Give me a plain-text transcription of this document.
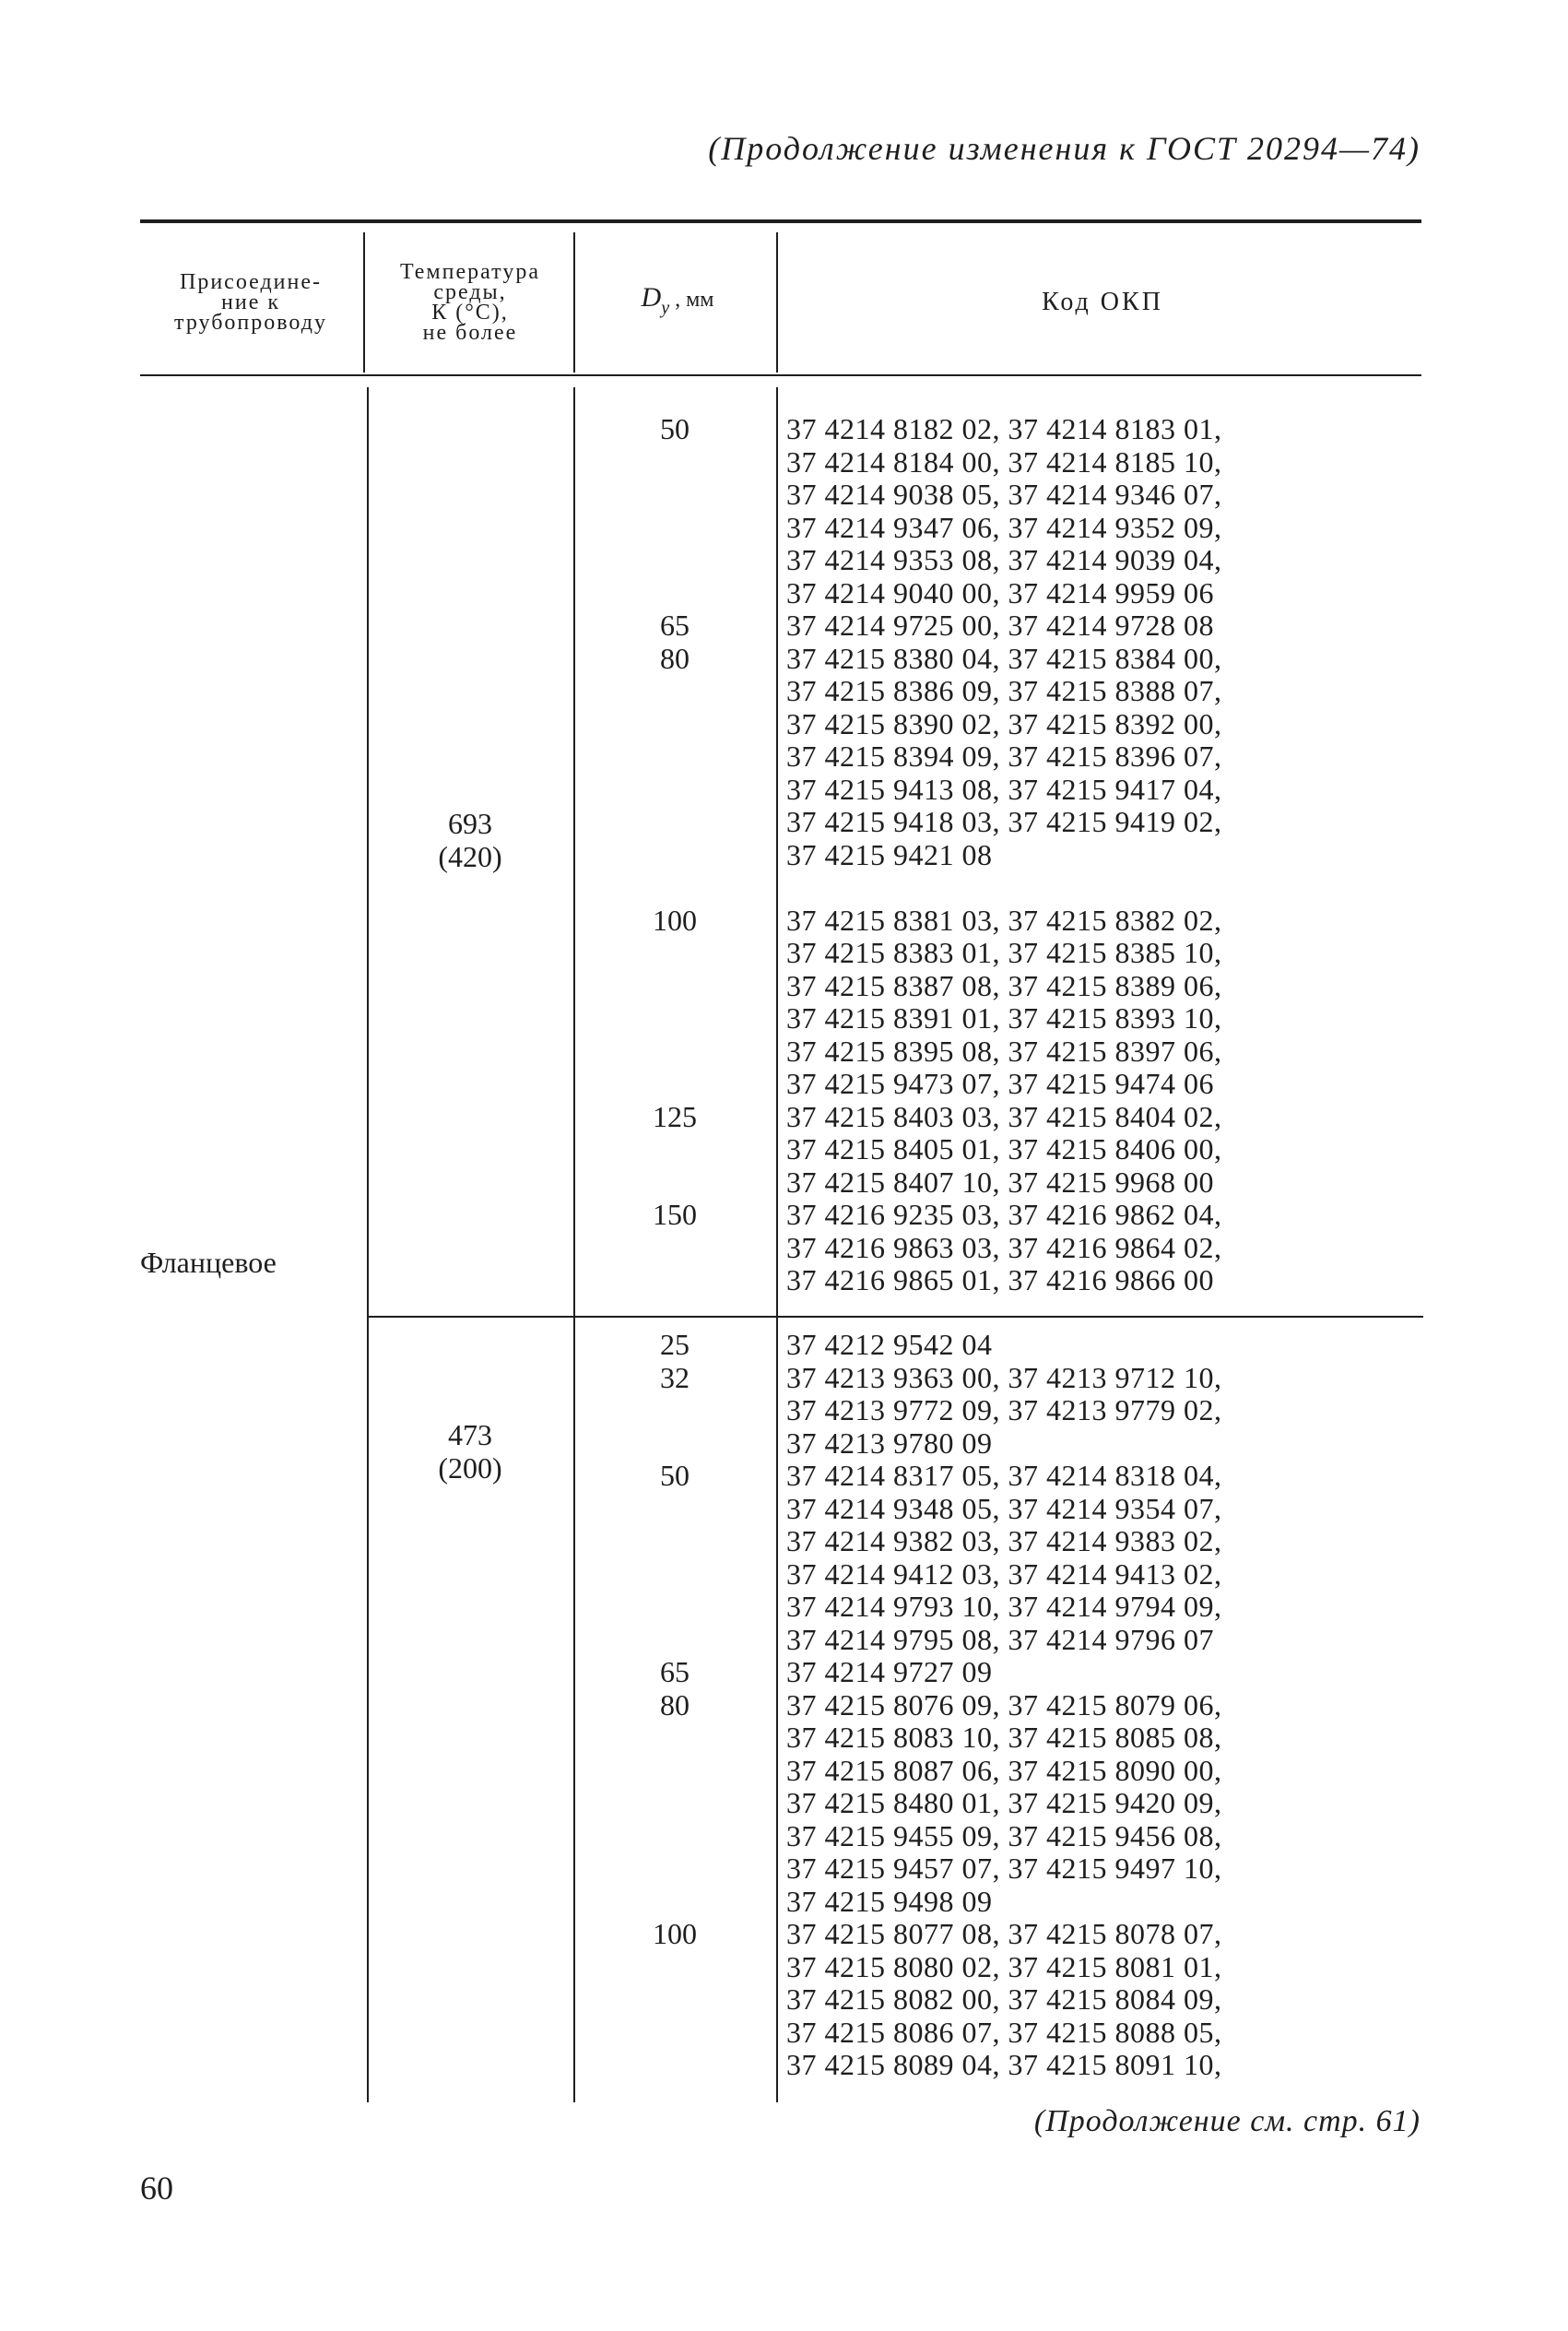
(Продолжение изменения к ГОСТ 20294—74)
Присоедине-
ние к
трубопроводу
Температура
среды,
К (°С),
не более
$D_y$ , мм	Код ОКП
Фланцевое
693
(420)
473
(200)
37 4214 8182 02, 37 4214 8183 01,
37 4214 8184 00, 37 4214 8185 10,
37 4214 9038 05, 37 4214 9346 07,
37 4214 9347 06, 37 4214 9352 09,
37 4214 9353 08, 37 4214 9039 04,
37 4214 9040 00, 37 4214 9959 06
37 4214 9725 00, 37 4214 9728 08
37 4215 8380 04, 37 4215 8384 00,
37 4215 8386 09, 37 4215 8388 07,
37 4215 8390 02, 37 4215 8392 00,
37 4215 8394 09, 37 4215 8396 07,
37 4215 9413 08, 37 4215 9417 04,
37 4215 9418 03, 37 4215 9419 02,
37 4215 9421 08
37 4215 8381 03, 37 4215 8382 02,
37 4215 8383 01, 37 4215 8385 10,
37 4215 8387 08, 37 4215 8389 06,
37 4215 8391 01, 37 4215 8393 10,
37 4215 8395 08, 37 4215 8397 06,
37 4215 9473 07, 37 4215 9474 06
37 4215 8403 03, 37 4215 8404 02,
37 4215 8405 01, 37 4215 8406 00,
37 4215 8407 10, 37 4215 9968 00
37 4216 9235 03, 37 4216 9862 04,
37 4216 9863 03, 37 4216 9864 02,
37 4216 9865 01, 37 4216 9866 00
37 4212 9542 04
37 4213 9363 00, 37 4213 9712 10,
37 4213 9772 09, 37 4213 9779 02,
37 4213 9780 09
37 4214 8317 05, 37 4214 8318 04,
37 4214 9348 05, 37 4214 9354 07,
37 4214 9382 03, 37 4214 9383 02,
37 4214 9412 03, 37 4214 9413 02,
37 4214 9793 10, 37 4214 9794 09,
37 4214 9795 08, 37 4214 9796 07
37 4214 9727 09
37 4215 8076 09, 37 4215 8079 06,
37 4215 8083 10, 37 4215 8085 08,
37 4215 8087 06, 37 4215 8090 00,
37 4215 8480 01, 37 4215 9420 09,
37 4215 9455 09, 37 4215 9456 08,
37 4215 9457 07, 37 4215 9497 10,
37 4215 9498 09
37 4215 8077 08, 37 4215 8078 07,
37 4215 8080 02, 37 4215 8081 01,
37 4215 8082 00, 37 4215 8084 09,
37 4215 8086 07, 37 4215 8088 05,
37 4215 8089 04, 37 4215 8091 10,
(Продолжение см. стр. 61)
60
50
65
80
100
125
150
25
32
50
65
80
100
